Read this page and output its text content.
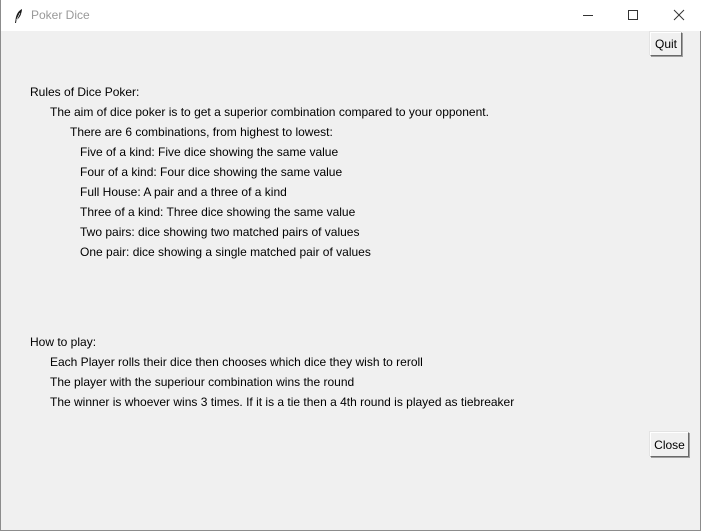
Poker Dice
Quit
Rules of Dice Poker:
The aim of dice poker is to get a superior combination compared to your opponent.
There are 6 combinations, from highest to lowest:
Five of a kind: Five dice showing the same value
Four of a kind: Four dice showing the same value
Full House: A pair and a three of a kind
Three of a kind: Three dice showing the same value
Two pairs: dice showing two matched pairs of values
One pair: dice showing a single matched pair of values
How to play:
Each Player rolls their dice then chooses which dice they wish to reroll
The player with the superiour combination wins the round
The winner is whoever wins 3 times. If it is a tie then a 4th round is played as tiebreaker
Close
